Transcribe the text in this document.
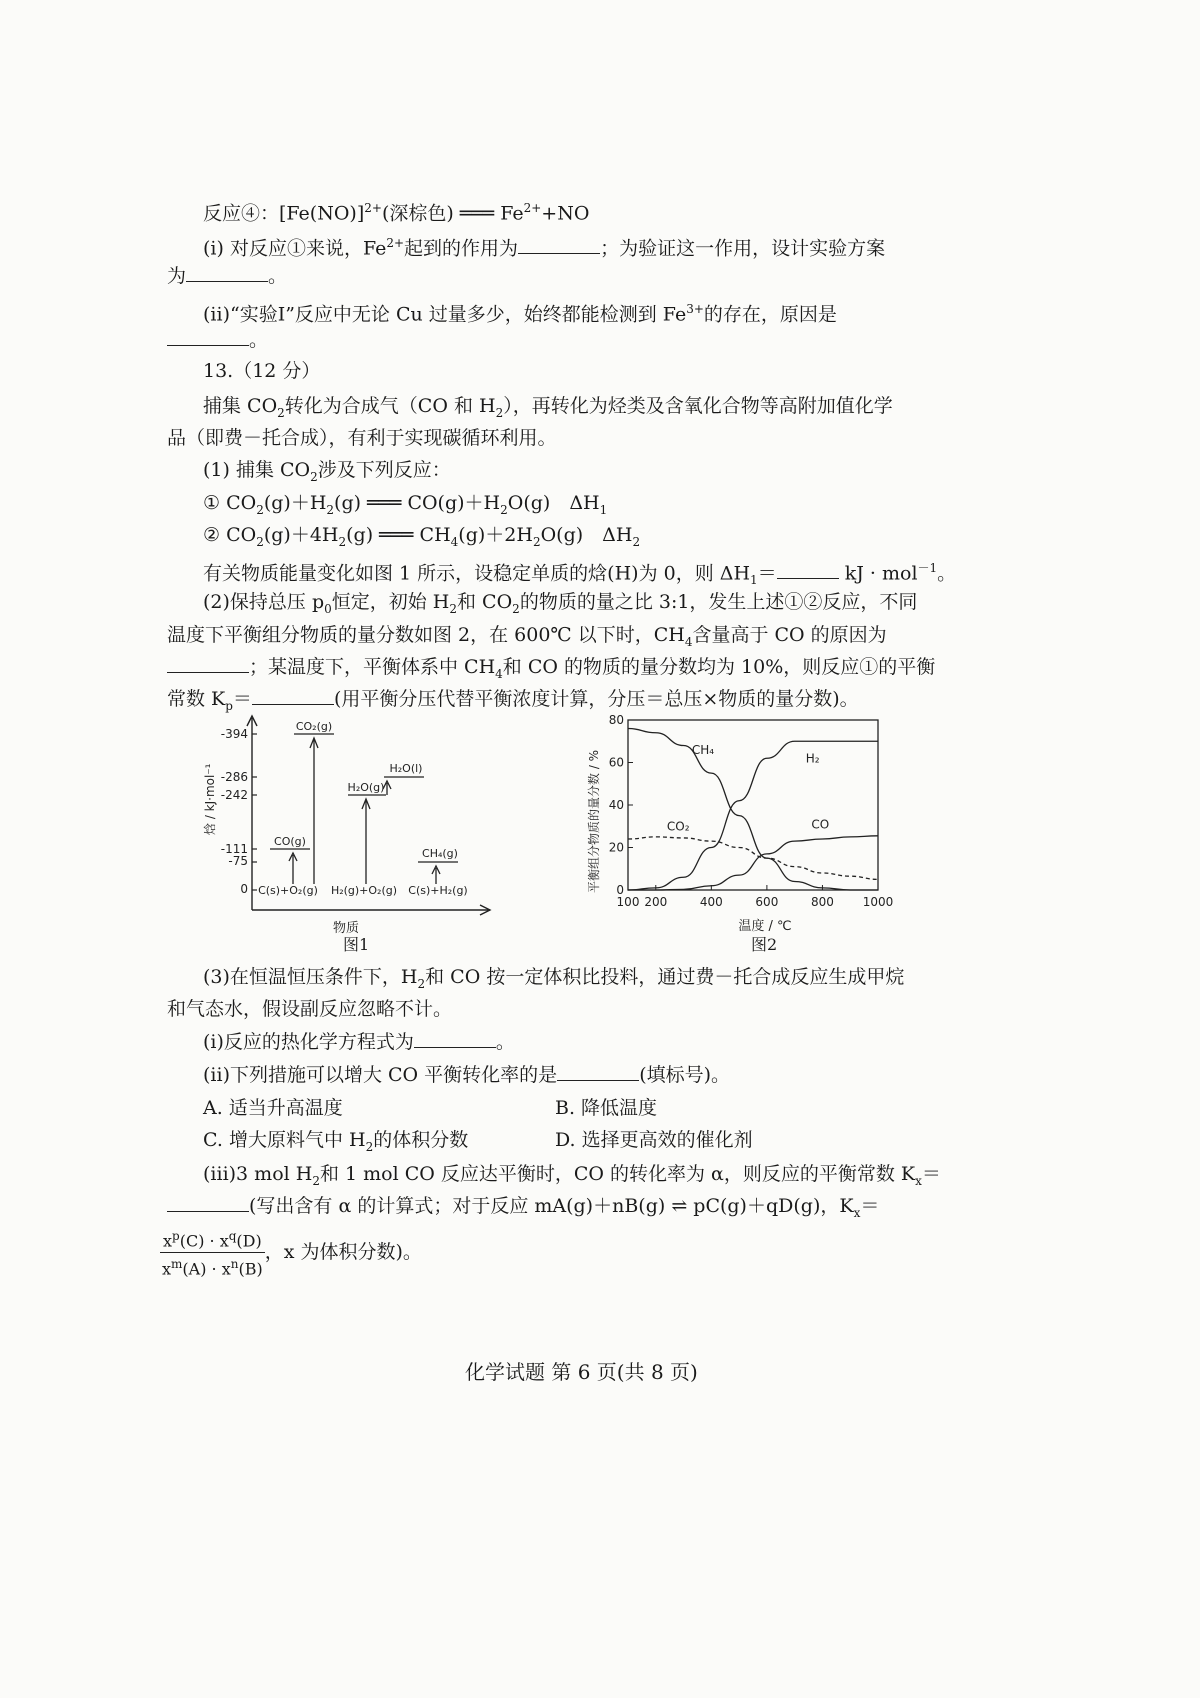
反应④：$[Fe(NO)]^{2+}$(深棕色) ═══ $Fe^{2+}+NO$
(i) 对反应①来说，$Fe^{2+}$起到的作用为	；为验证这一作用，设计实验方案
为	。
(ii)“实验Ⅰ”反应中无论 Cu 过量多少，始终都能检测到 $Fe^{3+}$的存在，原因是
。
13.（12 分）
捕集 $CO_2$转化为合成气（CO 和 $H_2$），再转化为烃类及含氧化合物等高附加值化学
品（即费－托合成），有利于实现碳循环利用。
(1) 捕集 $CO_2$涉及下列反应：
① $CO_2(g)+H_2(g)$ ═══ $CO(g)+H_2O(g)$　$\Delta H_1$
② $CO_2(g)+4H_2(g)$ ═══ $CH_4(g)+2H_2O(g)$　$\Delta H_2$
有关物质能量变化如图 1 所示，设稳定单质的焓(H)为 0，则 $\Delta H_1=$	kJ · mol$^{-1}$。
(2)保持总压 $p_0$恒定，初始 $H_2$和 $CO_2$的物质的量之比 3:1，发生上述①②反应，不同
温度下平衡组分物质的量分数如图 2，在 600℃ 以下时，$CH_4$含量高于 CO 的原因为
；某温度下，平衡体系中 $CH_4$和 CO 的物质的量分数均为 10%，则反应①的平衡
常数 $K_p=$	(用平衡分压代替平衡浓度计算，分压＝总压×物质的量分数)。
-394
-286
-242
-111
-75
0
焓 / kJ·mol⁻¹
物质
CO₂(g)
CO(g)
H₂O(l)
H₂O(g)
CH₄(g)
C(s)+O₂(g) H₂(g)+O₂(g) C(s)+H₂(g)
图1
平衡组分物质的量分数 / %
温度 / ℃
0
20
40
60
80
100 200	400	600	800 1000
CH₄
H₂
CO₂	CO
图2
(3)在恒温恒压条件下，$H_2$和 CO 按一定体积比投料，通过费－托合成反应生成甲烷
和气态水，假设副反应忽略不计。
(i)反应的热化学方程式为	。
(ii)下列措施可以增大 CO 平衡转化率的是	(填标号)。
A. 适当升高温度	B. 降低温度
C. 增大原料气中 $H_2$的体积分数	D. 选择更高效的催化剂
(iii)3 mol $H_2$和 1 mol CO 反应达平衡时，CO 的转化率为 α，则反应的平衡常数 $K_x=$
(写出含有 α 的计算式；对于反应 mA(g)＋nB(g) ⇌ pC(g)＋qD(g)，$K_x=$
$\frac{x^p(C) \cdot x^q(D)}{x^m(A) \cdot x^n(B)}$ ，x 为体积分数)。
化学试题 第 6 页(共 8 页)
